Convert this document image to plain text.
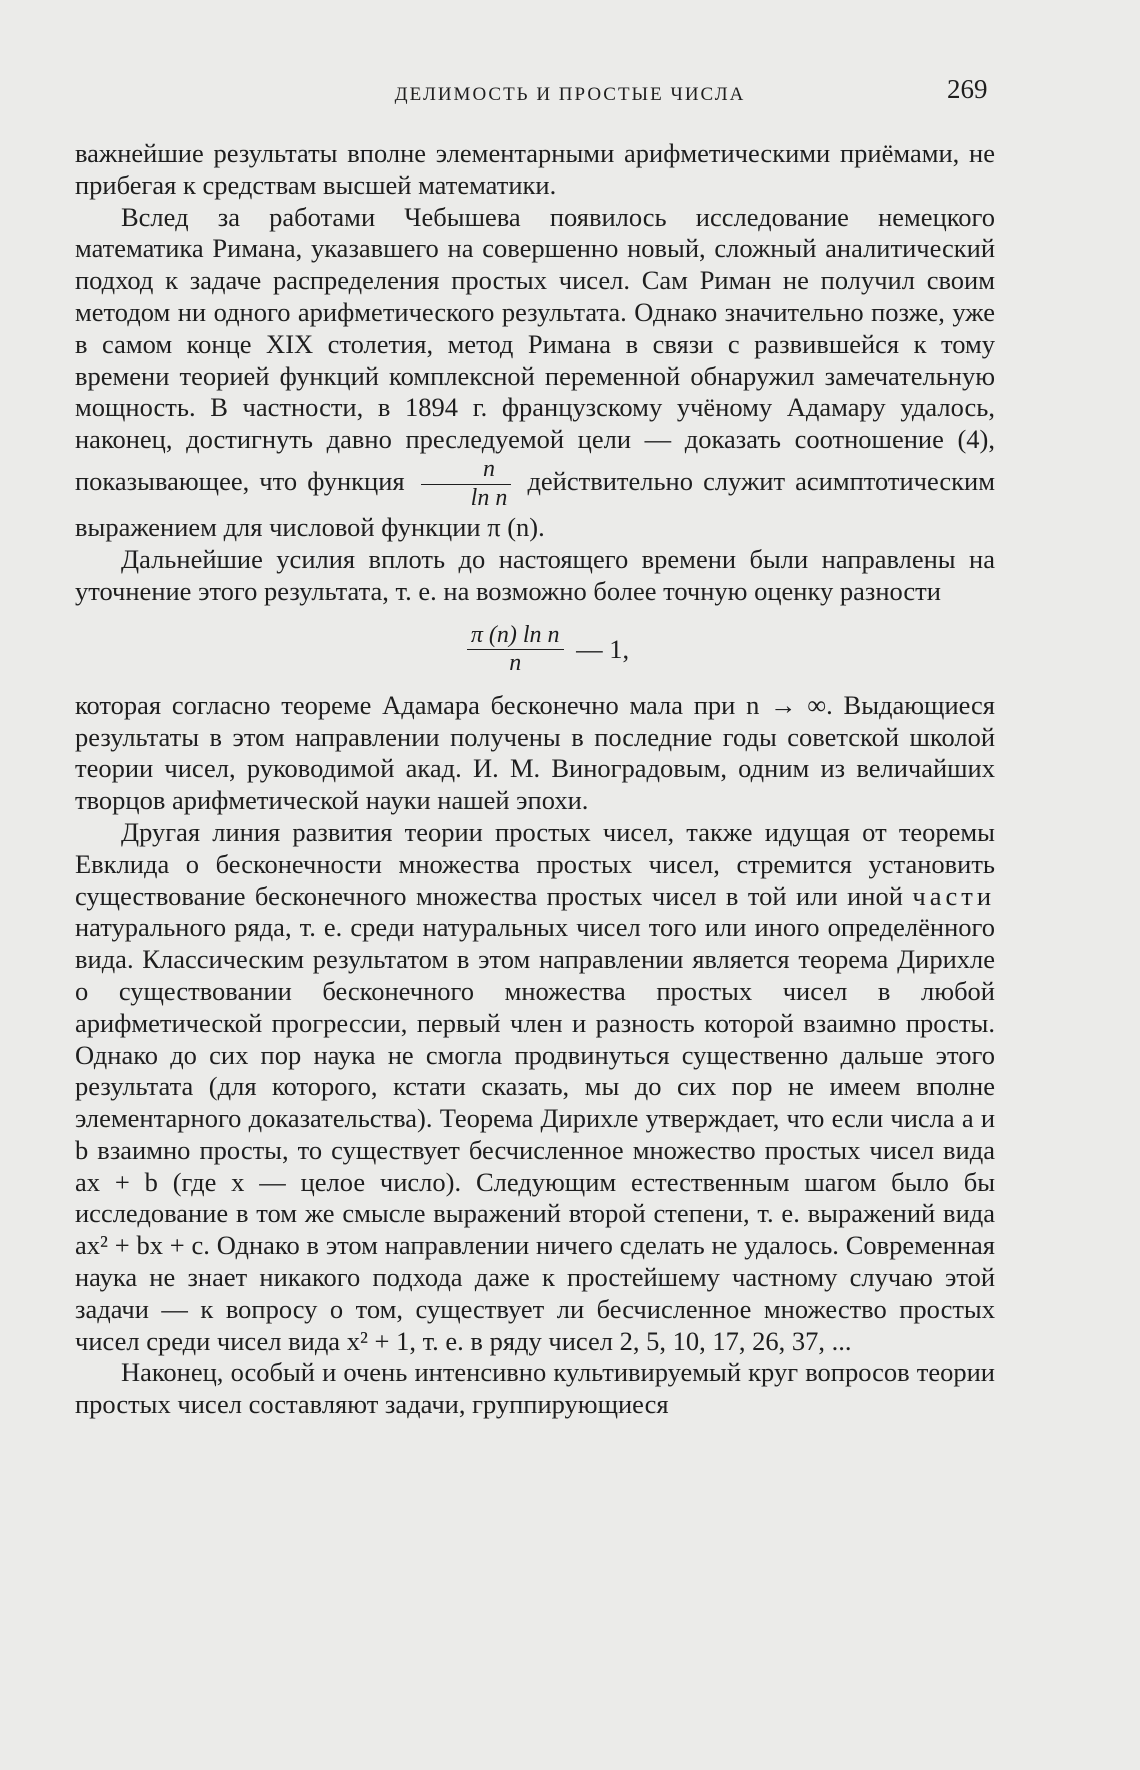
ДЕЛИМОСТЬ И ПРОСТЫЕ ЧИСЛА	269

важнейшие результаты вполне элементарными арифметическими приёмами, не прибегая к средствам высшей математики.

Вслед за работами Чебышева появилось исследование немецкого математика Римана, указавшего на совершенно новый, сложный аналитический подход к задаче распределения простых чисел. Сам Риман не получил своим методом ни одного арифметического результата. Однако значительно позже, уже в самом конце XIX столетия, метод Римана в связи с развившейся к тому времени теорией функций комплексной переменной обнаружил замечательную мощность. В частности, в 1894 г. французскому учёному Адамару удалось, наконец, достигнуть давно преследуемой цели — доказать соотношение (4), показывающее, что функция $\frac{n}{\text{ln n}}$ действительно служит асимптотическим выражением для числовой функции π (n).

Дальнейшие усилия вплоть до настоящего времени были направлены на уточнение этого результата, т. е. на возможно более точную оценку разности

$\frac{\text{π (n) ln n}}{n}$ — 1,

которая согласно теореме Адамара бесконечно мала при n → ∞. Выдающиеся результаты в этом направлении получены в последние годы советской школой теории чисел, руководимой акад. И. М. Виноградовым, одним из величайших творцов арифметической науки нашей эпохи.

Другая линия развития теории простых чисел, также идущая от теоремы Евклида о бесконечности множества простых чисел, стремится установить существование бесконечного множества простых чисел в той или иной части натурального ряда, т. е. среди натуральных чисел того или иного определённого вида. Классическим результатом в этом направлении является теорема Дирихле о существовании бесконечного множества простых чисел в любой арифметической прогрессии, первый член и разность которой взаимно просты. Однако до сих пор наука не смогла продвинуться существенно дальше этого результата (для которого, кстати сказать, мы до сих пор не имеем вполне элементарного доказательства). Теорема Дирихле утверждает, что если числа a и b взаимно просты, то существует бесчисленное множество простых чисел вида ax + b (где x — целое число). Следующим естественным шагом было бы исследование в том же смысле выражений второй степени, т. е. выражений вида ax² + bx + c. Однако в этом направлении ничего сделать не удалось. Современная наука не знает никакого подхода даже к простейшему частному случаю этой задачи — к вопросу о том, существует ли бесчисленное множество простых чисел среди чисел вида x² + 1, т. е. в ряду чисел 2, 5, 10, 17, 26, 37, ...

Наконец, особый и очень интенсивно культивируемый круг вопросов теории простых чисел составляют задачи, группирующиеся
